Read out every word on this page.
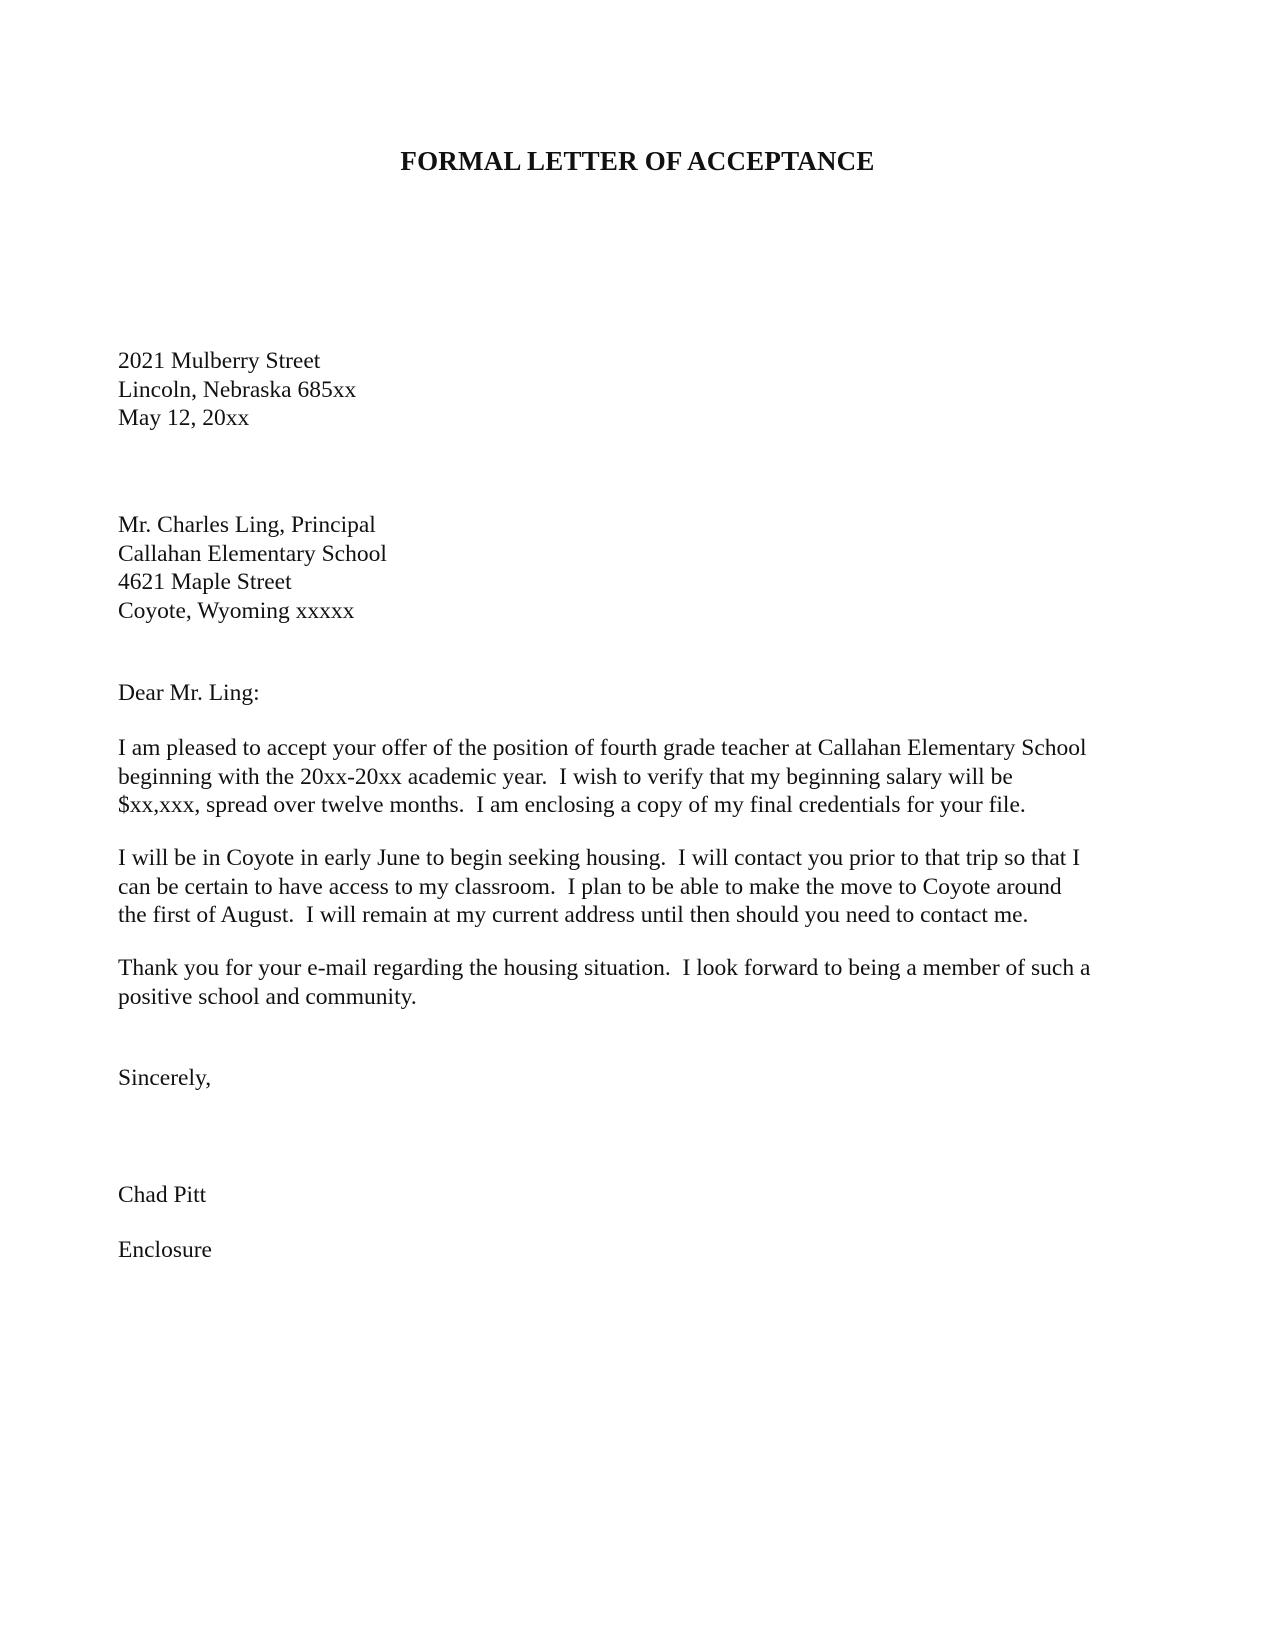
FORMAL LETTER OF ACCEPTANCE
2021 Mulberry Street
Lincoln, Nebraska 685xx
May 12, 20xx
Mr. Charles Ling, Principal
Callahan Elementary School
4621 Maple Street
Coyote, Wyoming xxxxx
Dear Mr. Ling:
I am pleased to accept your offer of the position of fourth grade teacher at Callahan Elementary School
beginning with the 20xx-20xx academic year.  I wish to verify that my beginning salary will be
$xx,xxx, spread over twelve months.  I am enclosing a copy of my final credentials for your file.
I will be in Coyote in early June to begin seeking housing.  I will contact you prior to that trip so that I
can be certain to have access to my classroom.  I plan to be able to make the move to Coyote around
the first of August.  I will remain at my current address until then should you need to contact me.
Thank you for your e-mail regarding the housing situation.  I look forward to being a member of such a
positive school and community.
Sincerely,
Chad Pitt
Enclosure
